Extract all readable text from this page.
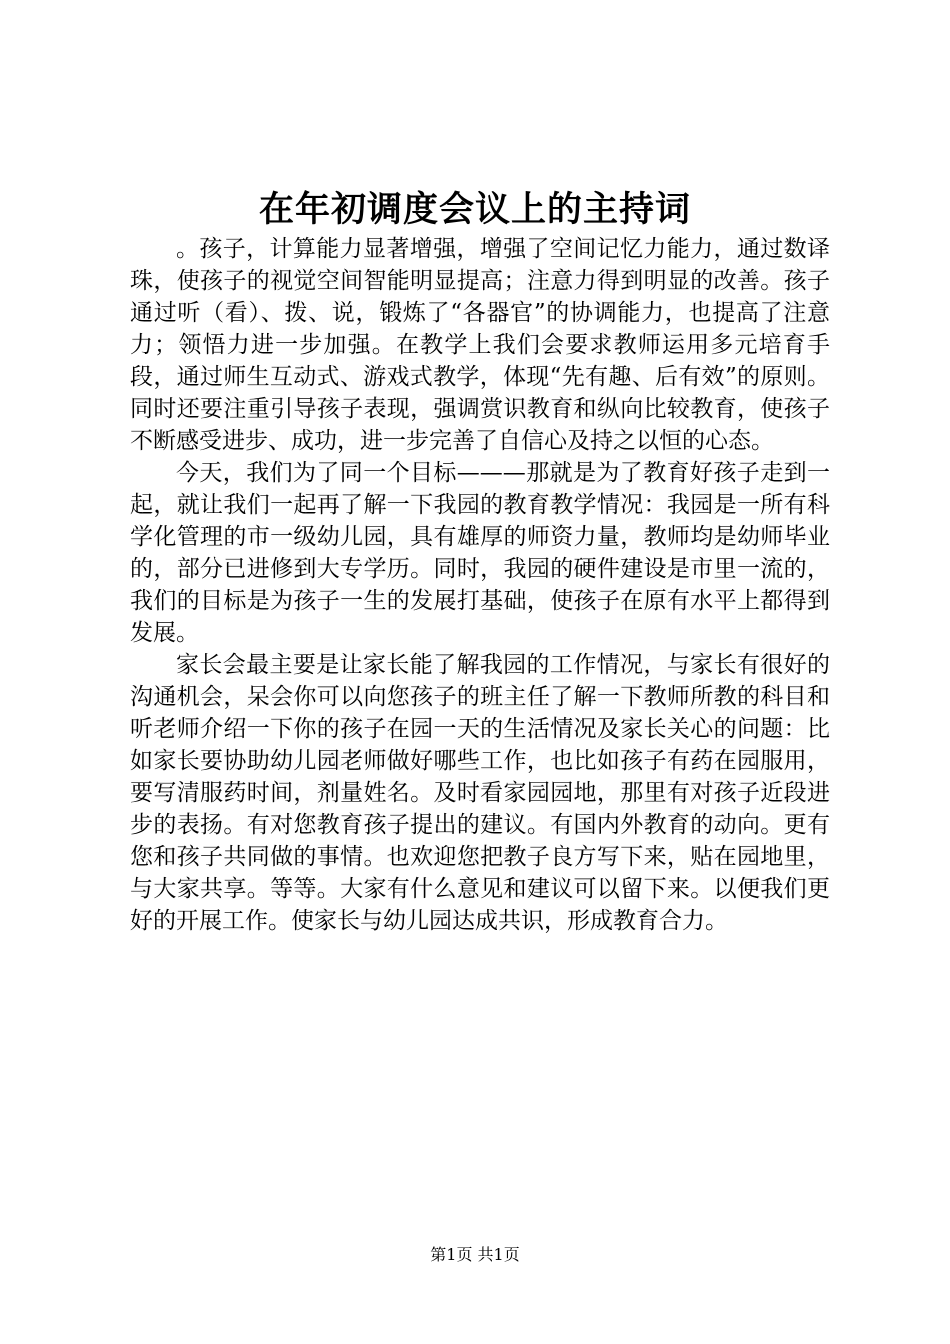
在年初调度会议上的主持词

。孩子，计算能力显著增强，增强了空间记忆力能力，通过数译珠，使孩子的视觉空间智能明显提高；注意力得到明显的改善。孩子通过听（看）、拨、说，锻炼了“各器官”的协调能力，也提高了注意力；领悟力进一步加强。在教学上我们会要求教师运用多元培育手段，通过师生互动式、游戏式教学，体现“先有趣、后有效”的原则。同时还要注重引导孩子表现，强调赏识教育和纵向比较教育，使孩子不断感受进步、成功，进一步完善了自信心及持之以恒的心态。

今天，我们为了同一个目标———那就是为了教育好孩子走到一起，就让我们一起再了解一下我园的教育教学情况：我园是一所有科学化管理的市一级幼儿园，具有雄厚的师资力量，教师均是幼师毕业的，部分已进修到大专学历。同时，我园的硬件建设是市里一流的，我们的目标是为孩子一生的发展打基础，使孩子在原有水平上都得到发展。

家长会最主要是让家长能了解我园的工作情况，与家长有很好的沟通机会，呆会你可以向您孩子的班主任了解一下教师所教的科目和听老师介绍一下你的孩子在园一天的生活情况及家长关心的问题：比如家长要协助幼儿园老师做好哪些工作，也比如孩子有药在园服用，要写清服药时间，剂量姓名。及时看家园园地，那里有对孩子近段进步的表扬。有对您教育孩子提出的建议。有国内外教育的动向。更有您和孩子共同做的事情。也欢迎您把教子良方写下来，贴在园地里，与大家共享。等等。大家有什么意见和建议可以留下来。以便我们更好的开展工作。使家长与幼儿园达成共识，形成教育合力。

第1页 共1页
